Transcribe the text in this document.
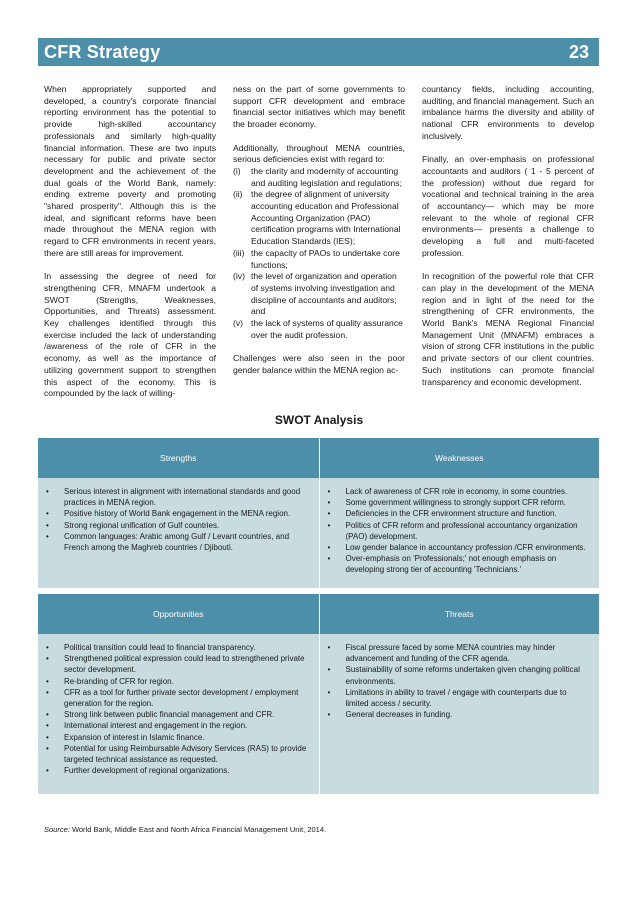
CFR Strategy	23

When appropriately supported and developed, a country's corporate financial reporting environment has the potential to provide high-skilled accountancy professionals and similarly high-quality financial information. These are two inputs necessary for public and private sector development and the achievement of the dual goals of the World Bank, namely: ending extreme poverty and promoting "shared prosperity". Although this is the ideal, and significant reforms have been made throughout the MENA region with regard to CFR environments in recent years, there are still areas for improvement.

In assessing the degree of need for strengthening CFR, MNAFM undertook a SWOT (Strengths, Weaknesses, Opportunities, and Threats) assessment. Key challenges identified through this exercise included the lack of understanding /awareness of the role of CFR in the economy, as well as the importance of utilizing government support to strengthen this aspect of the economy. This is compounded by the lack of willing-

ness on the part of some governments to support CFR development and embrace financial sector initiatives which may benefit the broader economy.

Additionally, throughout MENA countries, serious deficiencies exist with regard to:

(i)	the clarity and modernity of accounting and auditing legislation and regulations;
(ii) the degree of alignment of university accounting education and Professional Accounting Organization (PAO) certification programs with International Education Standards (IES);
(iii) the capacity of PAOs to undertake core functions;
(iv) the level of organization and operation of systems involving investigation and discipline of accountants and auditors; and
(v) the lack of systems of quality assurance over the audit profession.

Challenges were also seen in the poor gender balance within the MENA region ac-

countancy fields, including accounting, auditing, and financial management. Such an imbalance harms the diversity and ability of national CFR environments to develop inclusively.

Finally, an over-emphasis on professional accountants and auditors ( 1 - 5 percent of the profession) without due regard for vocational and technical training in the area of accountancy— which may be more relevant to the whole of regional CFR environments— presents a challenge to developing a full and multi-faceted profession.

In recognition of the powerful role that CFR can play in the development of the MENA region and in light of the need for the strengthening of CFR environments, the World Bank's MENA Regional Financial Management Unit (MNAFM) embraces a vision of strong CFR institutions in the public and private sectors of our client countries. Such institutions can promote financial transparency and economic development.

SWOT Analysis
Strengths	Weaknesses
•	Serious interest in alignment with international standards and good practices in MENA region.
•	Positive history of World Bank engagement in the MENA region.
•	Strong regional unification of Gulf countries.
•	Common languages: Arabic among Gulf / Levant countries, and French among the Maghreb countries / Djibouti.
•	Lack of awareness of CFR role in economy, in some countries.
•	Some government willingness to strongly support CFR reform.
•	Deficiencies in the CFR environment structure and function.
•	Politics of CFR reform and professional accountancy organization (PAO) development.
•	Low gender balance in accountancy profession /CFR environments.
•	Over-emphasis on 'Professionals;' not enough emphasis on developing strong tier of accounting 'Technicians.'
Opportunities	Threats
•	Political transition could lead to financial transparency.
•	Strengthened political expression could lead to strengthened private sector development.
•	Re-branding of CFR for region.
•	CFR as a tool for further private sector development / employment generation for the region.
•	Strong link between public financial management and CFR.
•	International interest and engagement in the region.
•	Expansion of interest in Islamic finance.
•	Potential for using Reimbursable Advisory Services (RAS) to provide targeted technical assistance as requested.
•	Further development of regional organizations.
•	Fiscal pressure faced by some MENA countries may hinder advancement and funding of the CFR agenda.
•	Sustainability of some reforms undertaken given changing political environments.
•	Limitations in ability to travel / engage with counterparts due to limited access / security.
•	General decreases in funding.
Source: World Bank, Middle East and North Africa Financial Management Unit, 2014.
